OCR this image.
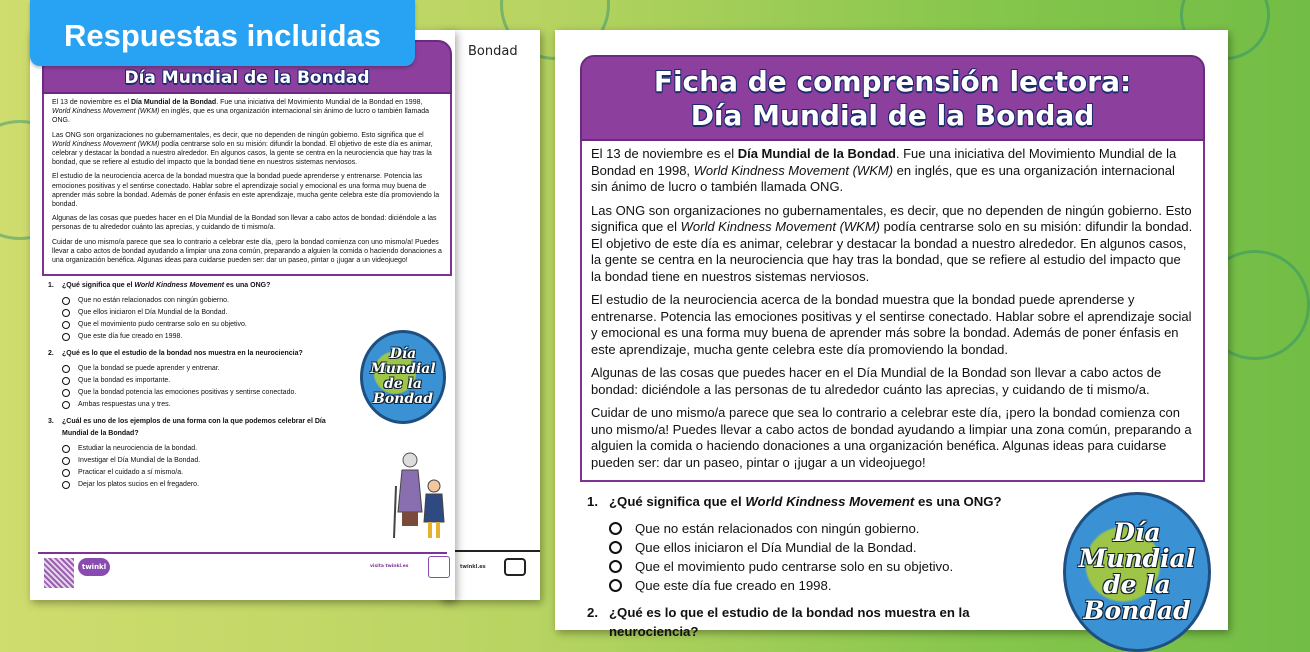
Bondad
twinkl.es
Día Mundial de la Bondad

El 13 de noviembre es el Día Mundial de la Bondad. Fue una iniciativa del Movimiento Mundial de la Bondad en 1998, World Kindness Movement (WKM) en inglés, que es una organización internacional sin ánimo de lucro o también llamada ONG.

Las ONG son organizaciones no gubernamentales, es decir, que no dependen de ningún gobierno. Esto significa que el World Kindness Movement (WKM) podía centrarse solo en su misión: difundir la bondad. El objetivo de este día es animar, celebrar y destacar la bondad a nuestro alrededor. En algunos casos, la gente se centra en la neurociencia que hay tras la bondad, que se refiere al estudio del impacto que la bondad tiene en nuestros sistemas nerviosos.

El estudio de la neurociencia acerca de la bondad muestra que la bondad puede aprenderse y entrenarse. Potencia las emociones positivas y el sentirse conectado. Hablar sobre el aprendizaje social y emocional es una forma muy buena de aprender más sobre la bondad. Además de poner énfasis en este aprendizaje, mucha gente celebra este día promoviendo la bondad.

Algunas de las cosas que puedes hacer en el Día Mundial de la Bondad son llevar a cabo actos de bondad: diciéndole a las personas de tu alrededor cuánto las aprecias, y cuidando de ti mismo/a.

Cuidar de uno mismo/a parece que sea lo contrario a celebrar este día, ¡pero la bondad comienza con uno mismo/a! Puedes llevar a cabo actos de bondad ayudando a limpiar una zona común, preparando a alguien la comida o haciendo donaciones a una organización benéfica. Algunas ideas para cuidarse pueden ser: dar un paseo, pintar o ¡jugar a un videojuego!

1.	¿Qué significa que el World Kindness Movement es una ONG?
Que no están relacionados con ningún gobierno.
Que ellos iniciaron el Día Mundial de la Bondad.
Que el movimiento pudo centrarse solo en su objetivo.
Que este día fue creado en 1998.
2.	¿Qué es lo que el estudio de la bondad nos muestra en la neurociencia?
Que la bondad se puede aprender y entrenar.
Que la bondad es importante.
Que la bondad potencia las emociones positivas y sentirse conectado.
Ambas respuestas una y tres.
3.	¿Cuál es uno de los ejemplos de una forma con la que podemos celebrar el Día Mundial de la Bondad?
Estudiar la neurociencia de la bondad.
Investigar el Día Mundial de la Bondad.
Practicar el cuidado a sí mismo/a.
Dejar los platos sucios en el fregadero.
Día
Mundial
de la
Bondad
twinkl	visita twinkl.es
Ficha de comprensión lectora:
Día Mundial de la Bondad

El 13 de noviembre es el Día Mundial de la Bondad. Fue una iniciativa del Movimiento Mundial de la Bondad en 1998, World Kindness Movement (WKM) en inglés, que es una organización internacional sin ánimo de lucro o también llamada ONG.

Las ONG son organizaciones no gubernamentales, es decir, que no dependen de ningún gobierno. Esto significa que el World Kindness Movement (WKM) podía centrarse solo en su misión: difundir la bondad. El objetivo de este día es animar, celebrar y destacar la bondad a nuestro alrededor. En algunos casos, la gente se centra en la neurociencia que hay tras la bondad, que se refiere al estudio del impacto que la bondad tiene en nuestros sistemas nerviosos.

El estudio de la neurociencia acerca de la bondad muestra que la bondad puede aprenderse y entrenarse. Potencia las emociones positivas y el sentirse conectado. Hablar sobre el aprendizaje social y emocional es una forma muy buena de aprender más sobre la bondad. Además de poner énfasis en este aprendizaje, mucha gente celebra este día promoviendo la bondad.

Algunas de las cosas que puedes hacer en el Día Mundial de la Bondad son llevar a cabo actos de bondad: diciéndole a las personas de tu alrededor cuánto las aprecias, y cuidando de ti mismo/a.

Cuidar de uno mismo/a parece que sea lo contrario a celebrar este día, ¡pero la bondad comienza con uno mismo/a! Puedes llevar a cabo actos de bondad ayudando a limpiar una zona común, preparando a alguien la comida o haciendo donaciones a una organización benéfica. Algunas ideas para cuidarse pueden ser: dar un paseo, pintar o ¡jugar a un videojuego!

1. ¿Qué significa que el World Kindness Movement es una ONG?
Que no están relacionados con ningún gobierno.
Que ellos iniciaron el Día Mundial de la Bondad.
Que el movimiento pudo centrarse solo en su objetivo.
Que este día fue creado en 1998.
2. ¿Qué es lo que el estudio de la bondad nos muestra en la neurociencia?
Día
Mundial
de la
Bondad
Respuestas incluidas
